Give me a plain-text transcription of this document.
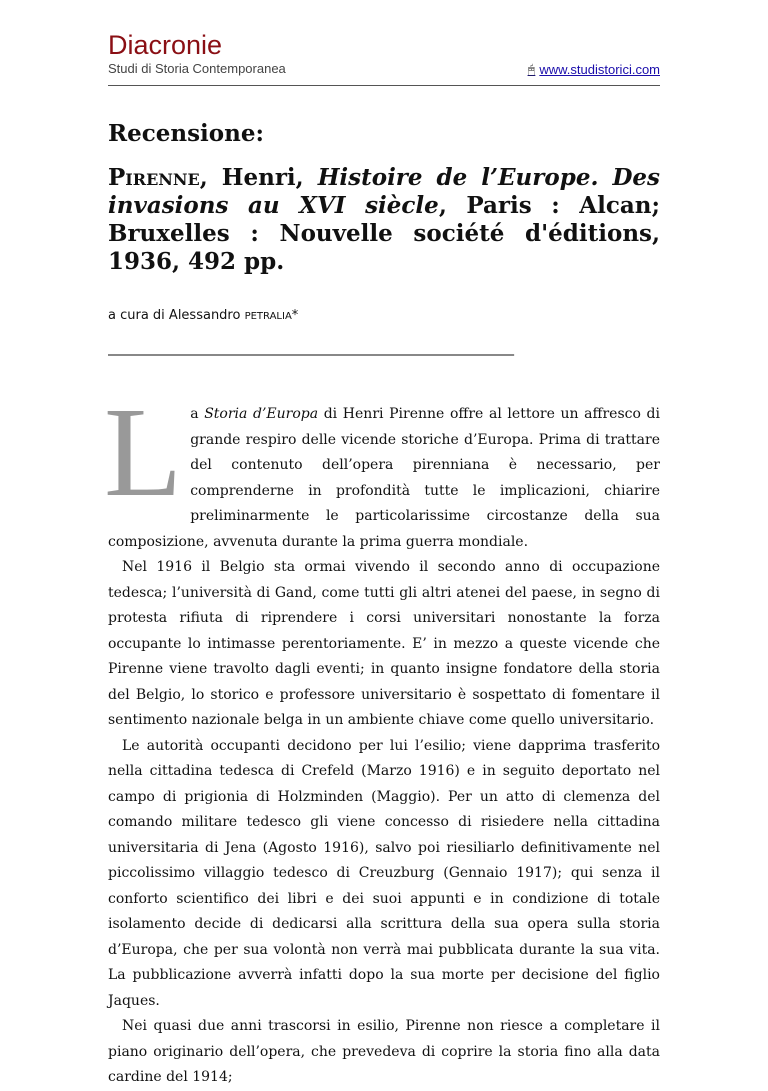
Diacronie
Studi di Storia Contemporanea	🖰 www.studistorici.com
Recensione:
Pirenne, Henri, Histoire de l’Europe. Des invasions au XVI siècle, Paris : Alcan; Bruxelles : Nouvelle société d'éditions, 1936, 492 pp.
a cura di Alessandro PETRALIA*
__________________________________________________________
L a Storia d’Europa di Henri Pirenne offre al lettore un affresco di grande respiro delle vicende storiche d’Europa. Prima di trattare del contenuto dell’opera pirenniana è necessario, per comprenderne in profondità tutte le implicazioni, chiarire preliminarmente le particolarissime circostanze della sua composizione, avvenuta durante la prima guerra mondiale.

Nel 1916 il Belgio sta ormai vivendo il secondo anno di occupazione tedesca; l’università di Gand, come tutti gli altri atenei del paese, in segno di protesta rifiuta di riprendere i corsi universitari nonostante la forza occupante lo intimasse perentoriamente. E’ in mezzo a queste vicende che Pirenne viene travolto dagli eventi; in quanto insigne fondatore della storia del Belgio, lo storico e professore universitario è sospettato di fomentare il sentimento nazionale belga in un ambiente chiave come quello universitario.

Le autorità occupanti decidono per lui l’esilio; viene dapprima trasferito nella cittadina tedesca di Crefeld (Marzo 1916) e in seguito deportato nel campo di prigionia di Holzminden (Maggio). Per un atto di clemenza del comando militare tedesco gli viene concesso di risiedere nella cittadina universitaria di Jena (Agosto 1916), salvo poi riesiliarlo definitivamente nel piccolissimo villaggio tedesco di Creuzburg (Gennaio 1917); qui senza il conforto scientifico dei libri e dei suoi appunti e in condizione di totale isolamento decide di dedicarsi alla scrittura della sua opera sulla storia d’Europa, che per sua volontà non verrà mai pubblicata durante la sua vita. La pubblicazione avverrà infatti dopo la sua morte per decisione del figlio Jaques.

Nei quasi due anni trascorsi in esilio, Pirenne non riesce a completare il piano originario dell’opera, che prevedeva di coprire la storia fino alla data cardine del 1914;
